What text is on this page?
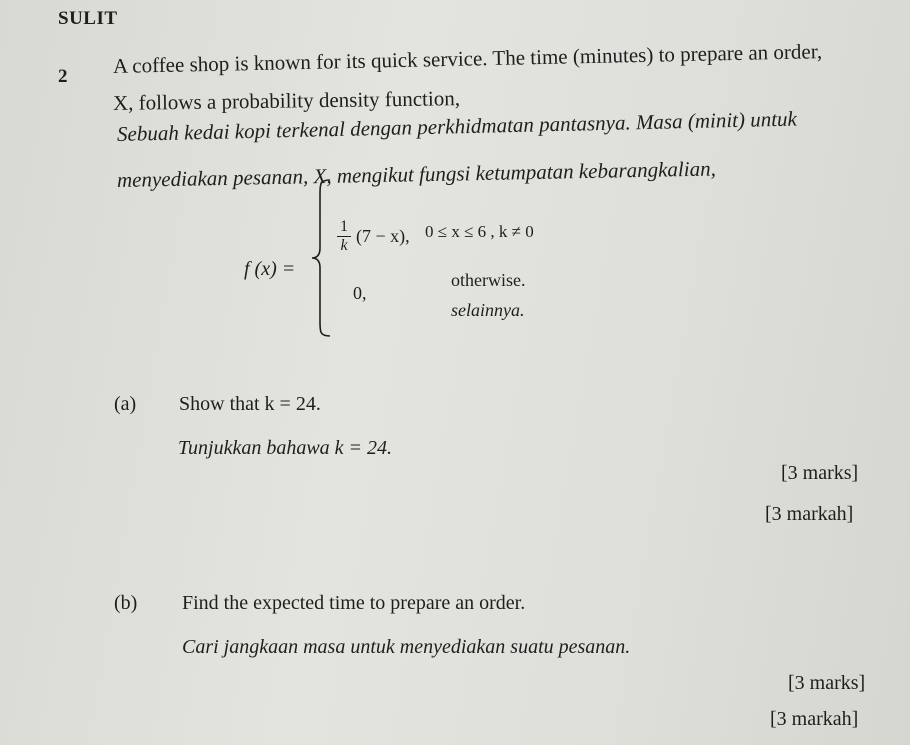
SULIT
2 A coffee shop is known for its quick service. The time (minutes) to prepare an order,
X, follows a probability density function,
Sebuah kedai kopi terkenal dengan perkhidmatan pantasnya. Masa (minit) untuk
menyediakan pesanan, X, mengikut fungsi ketumpatan kebarangkalian,
f (x) =
1
k (7 − x), 0 ≤ x ≤ 6 , k ≠ 0
0,
otherwise.
selainnya.
(a) Show that k = 24.
Tunjukkan bahawa k = 24.
[3 marks]
[3 markah]
(b) Find the expected time to prepare an order.
Cari jangkaan masa untuk menyediakan suatu pesanan.
[3 marks]
[3 markah]
